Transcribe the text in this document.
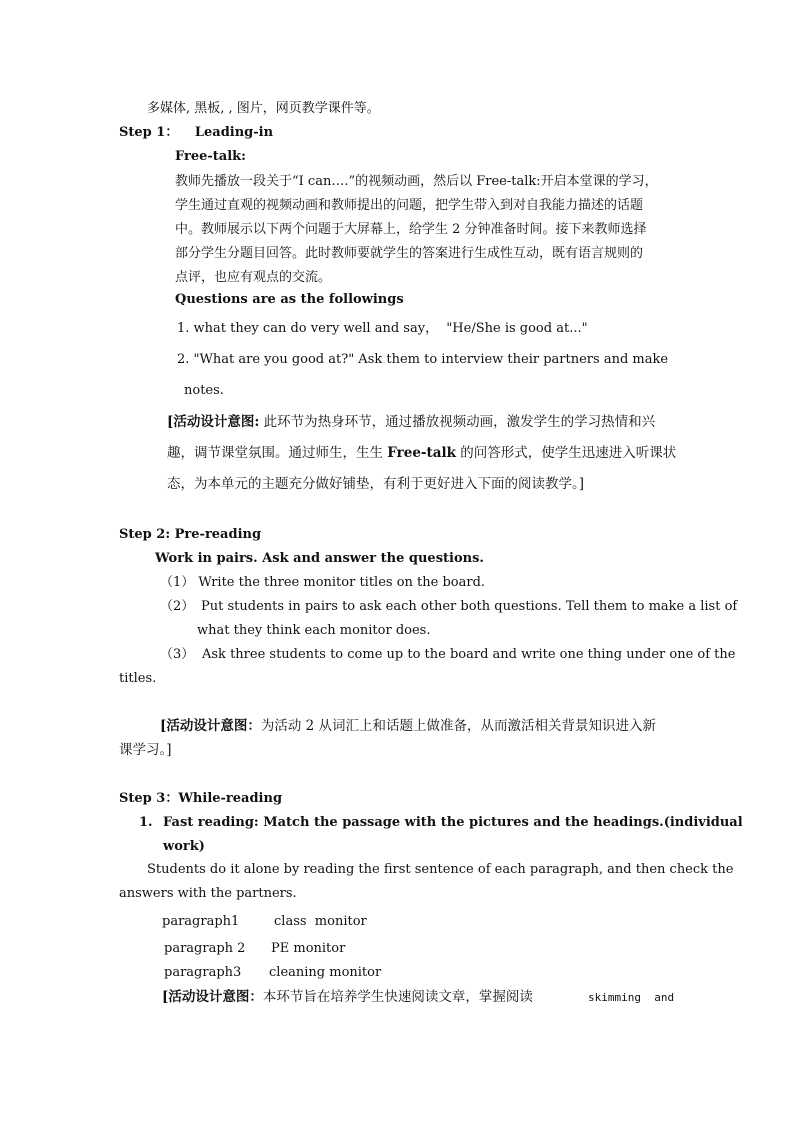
多媒体, 黑板, , 图片，网页教学课件等。
Step 1： Leading-in
Free-talk:
教师先播放一段关于“I can….”的视频动画，然后以 Free-talk:开启本堂课的学习，
学生通过直观的视频动画和教师提出的问题，把学生带入到对自我能力描述的话题
中。教师展示以下两个问题于大屏幕上，给学生 2 分钟准备时间。接下来教师选择
部分学生分题目回答。此时教师要就学生的答案进行生成性互动，既有语言规则的
点评，也应有观点的交流。
Questions are as the followings
1. what they can do very well and say，  "He/She is good at..."
2. "What are you good at?" Ask them to interview their partners and make
notes.
[活动设计意图: 此环节为热身环节，通过播放视频动画，激发学生的学习热情和兴
趣，调节课堂氛围。通过师生，生生 Free-talk 的问答形式，使学生迅速进入听课状
态，为本单元的主题充分做好铺垫，有利于更好进入下面的阅读教学。]
Step 2: Pre-reading
Work in pairs. Ask and answer the questions.
（1） Write the three monitor titles on the board.
（2） Put students in pairs to ask each other both questions. Tell them to make a list of
what they think each monitor does.
（3） Ask three students to come up to the board and write one thing under one of the
titles.
[活动设计意图：为活动 2 从词汇上和话题上做准备，从而激活相关背景知识进入新
课学习。]
Step 3：While-reading
1. Fast reading: Match the passage with the pictures and the headings.(individual
work)
Students do it alone by reading the first sentence of each paragraph, and then check the
answers with the partners.
paragraph1	class  monitor
paragraph 2 PE monitor
paragraph3 cleaning monitor
[活动设计意图：本环节旨在培养学生快速阅读文章，掌握阅读	skimming  and
